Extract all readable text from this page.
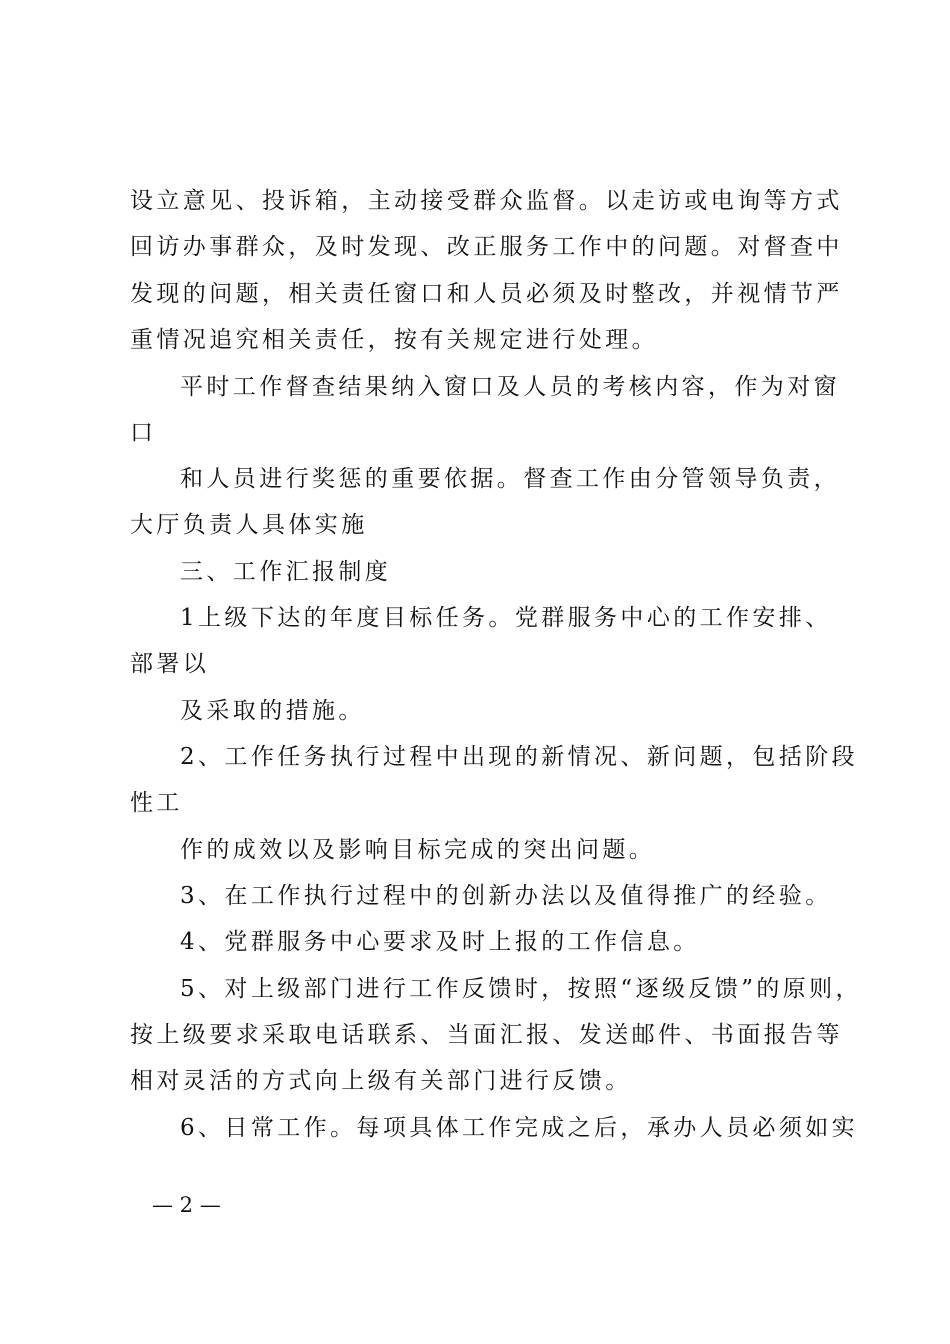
设立意见、投诉箱，主动接受群众监督。以走访或电询等方式
回访办事群众，及时发现、改正服务工作中的问题。对督查中
发现的问题，相关责任窗口和人员必须及时整改，并视情节严
重情况追究相关责任，按有关规定进行处理。
平时工作督查结果纳入窗口及人员的考核内容，作为对窗
口
和人员进行奖惩的重要依据。督查工作由分管领导负责，
大厅负责人具体实施
三、工作汇报制度
1上级下达的年度目标任务。党群服务中心的工作安排、
部署以
及采取的措施。
2、工作任务执行过程中出现的新情况、新问题，包括阶段
性工
作的成效以及影响目标完成的突出问题。
3、在工作执行过程中的创新办法以及值得推广的经验。
4、党群服务中心要求及时上报的工作信息。
5、对上级部门进行工作反馈时，按照“逐级反馈”的原则，
按上级要求采取电话联系、当面汇报、发送邮件、书面报告等
相对灵活的方式向上级有关部门进行反馈。
6、日常工作。每项具体工作完成之后，承办人员必须如实
— 2 —
